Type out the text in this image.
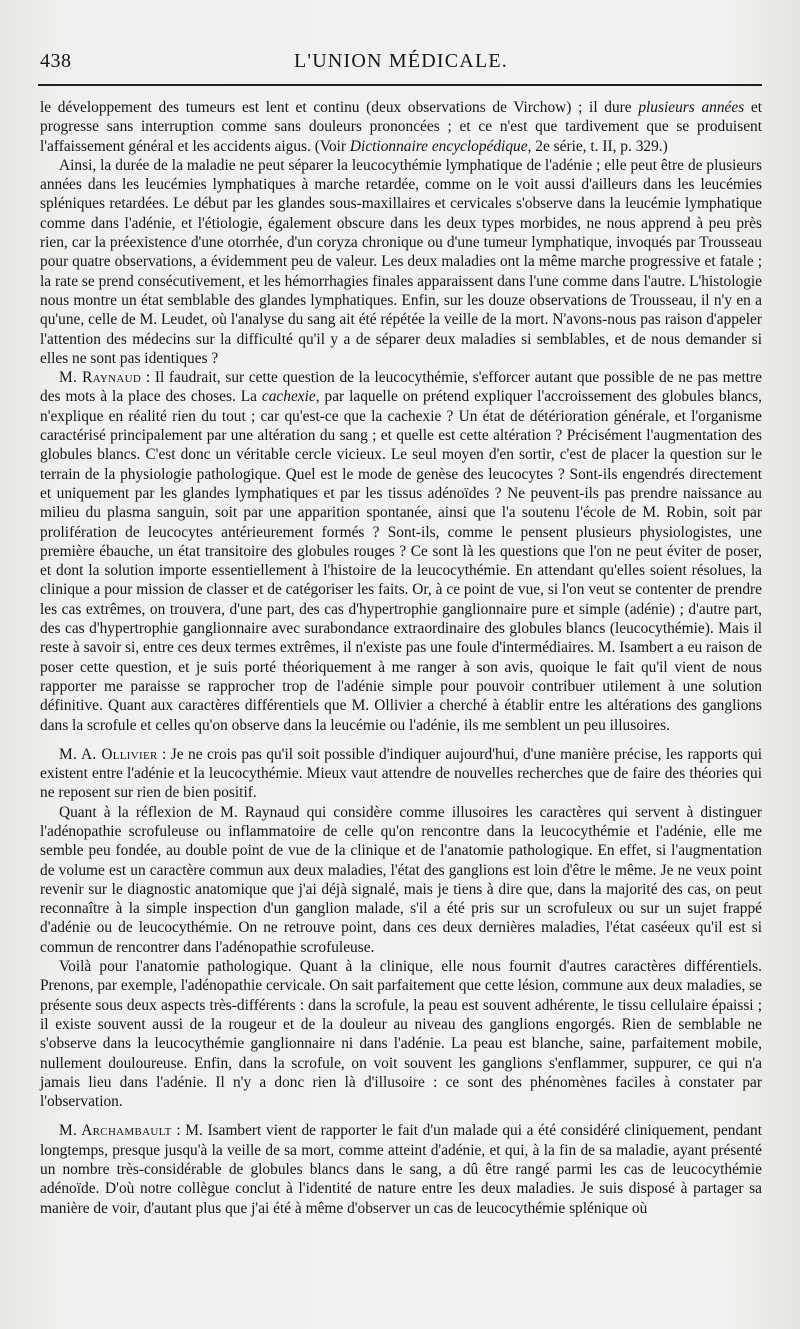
438	L'UNION MÉDICALE.

le développement des tumeurs est lent et continu (deux observations de Virchow) ; il dure plusieurs années et progresse sans interruption comme sans douleurs prononcées ; et ce n'est que tardivement que se produisent l'affaissement général et les accidents aigus. (Voir Dictionnaire encyclopédique, 2e série, t. II, p. 329.)

Ainsi, la durée de la maladie ne peut séparer la leucocythémie lymphatique de l'adénie ; elle peut être de plusieurs années dans les leucémies lymphatiques à marche retardée, comme on le voit aussi d'ailleurs dans les leucémies spléniques retardées. Le début par les glandes sous-maxillaires et cervicales s'observe dans la leucémie lymphatique comme dans l'adénie, et l'étiologie, également obscure dans les deux types morbides, ne nous apprend à peu près rien, car la préexistence d'une otorrhée, d'un coryza chronique ou d'une tumeur lymphatique, invoqués par Trousseau pour quatre observations, a évidemment peu de valeur. Les deux maladies ont la même marche progressive et fatale ; la rate se prend consécutivement, et les hémorrhagies finales apparaissent dans l'une comme dans l'autre. L'histologie nous montre un état semblable des glandes lymphatiques. Enfin, sur les douze observations de Trousseau, il n'y en a qu'une, celle de M. Leudet, où l'analyse du sang ait été répétée la veille de la mort. N'avons-nous pas raison d'appeler l'attention des médecins sur la difficulté qu'il y a de séparer deux maladies si semblables, et de nous demander si elles ne sont pas identiques ?

M. Raynaud : Il faudrait, sur cette question de la leucocythémie, s'efforcer autant que possible de ne pas mettre des mots à la place des choses. La cachexie, par laquelle on prétend expliquer l'accroissement des globules blancs, n'explique en réalité rien du tout ; car qu'est-ce que la cachexie ? Un état de détérioration générale, et l'organisme caractérisé principalement par une altération du sang ; et quelle est cette altération ? Précisément l'augmentation des globules blancs. C'est donc un véritable cercle vicieux. Le seul moyen d'en sortir, c'est de placer la question sur le terrain de la physiologie pathologique. Quel est le mode de genèse des leucocytes ? Sont-ils engendrés directement et uniquement par les glandes lymphatiques et par les tissus adénoïdes ? Ne peuvent-ils pas prendre naissance au milieu du plasma sanguin, soit par une apparition spontanée, ainsi que l'a soutenu l'école de M. Robin, soit par prolifération de leucocytes antérieurement formés ? Sont-ils, comme le pensent plusieurs physiologistes, une première ébauche, un état transitoire des globules rouges ? Ce sont là les questions que l'on ne peut éviter de poser, et dont la solution importe essentiellement à l'histoire de la leucocythémie. En attendant qu'elles soient résolues, la clinique a pour mission de classer et de catégoriser les faits. Or, à ce point de vue, si l'on veut se contenter de prendre les cas extrêmes, on trouvera, d'une part, des cas d'hypertrophie ganglionnaire pure et simple (adénie) ; d'autre part, des cas d'hypertrophie ganglionnaire avec surabondance extraordinaire des globules blancs (leucocythémie). Mais il reste à savoir si, entre ces deux termes extrêmes, il n'existe pas une foule d'intermédiaires. M. Isambert a eu raison de poser cette question, et je suis porté théoriquement à me ranger à son avis, quoique le fait qu'il vient de nous rapporter me paraisse se rapprocher trop de l'adénie simple pour pouvoir contribuer utilement à une solution définitive. Quant aux caractères différentiels que M. Ollivier a cherché à établir entre les altérations des ganglions dans la scrofule et celles qu'on observe dans la leucémie ou l'adénie, ils me semblent un peu illusoires.

M. A. Ollivier : Je ne crois pas qu'il soit possible d'indiquer aujourd'hui, d'une manière précise, les rapports qui existent entre l'adénie et la leucocythémie. Mieux vaut attendre de nouvelles recherches que de faire des théories qui ne reposent sur rien de bien positif.

Quant à la réflexion de M. Raynaud qui considère comme illusoires les caractères qui servent à distinguer l'adénopathie scrofuleuse ou inflammatoire de celle qu'on rencontre dans la leucocythémie et l'adénie, elle me semble peu fondée, au double point de vue de la clinique et de l'anatomie pathologique. En effet, si l'augmentation de volume est un caractère commun aux deux maladies, l'état des ganglions est loin d'être le même. Je ne veux point revenir sur le diagnostic anatomique que j'ai déjà signalé, mais je tiens à dire que, dans la majorité des cas, on peut reconnaître à la simple inspection d'un ganglion malade, s'il a été pris sur un scrofuleux ou sur un sujet frappé d'adénie ou de leucocythémie. On ne retrouve point, dans ces deux dernières maladies, l'état caséeux qu'il est si commun de rencontrer dans l'adénopathie scrofuleuse.

Voilà pour l'anatomie pathologique. Quant à la clinique, elle nous fournit d'autres caractères différentiels. Prenons, par exemple, l'adénopathie cervicale. On sait parfaitement que cette lésion, commune aux deux maladies, se présente sous deux aspects très-différents : dans la scrofule, la peau est souvent adhérente, le tissu cellulaire épaissi ; il existe souvent aussi de la rougeur et de la douleur au niveau des ganglions engorgés. Rien de semblable ne s'observe dans la leucocythémie ganglionnaire ni dans l'adénie. La peau est blanche, saine, parfaitement mobile, nullement douloureuse. Enfin, dans la scrofule, on voit souvent les ganglions s'enflammer, suppurer, ce qui n'a jamais lieu dans l'adénie. Il n'y a donc rien là d'illusoire : ce sont des phénomènes faciles à constater par l'observation.

M. Archambault : M. Isambert vient de rapporter le fait d'un malade qui a été considéré cliniquement, pendant longtemps, presque jusqu'à la veille de sa mort, comme atteint d'adénie, et qui, à la fin de sa maladie, ayant présenté un nombre très-considérable de globules blancs dans le sang, a dû être rangé parmi les cas de leucocythémie adénoïde. D'où notre collègue conclut à l'identité de nature entre les deux maladies. Je suis disposé à partager sa manière de voir, d'autant plus que j'ai été à même d'observer un cas de leucocythémie splénique où
